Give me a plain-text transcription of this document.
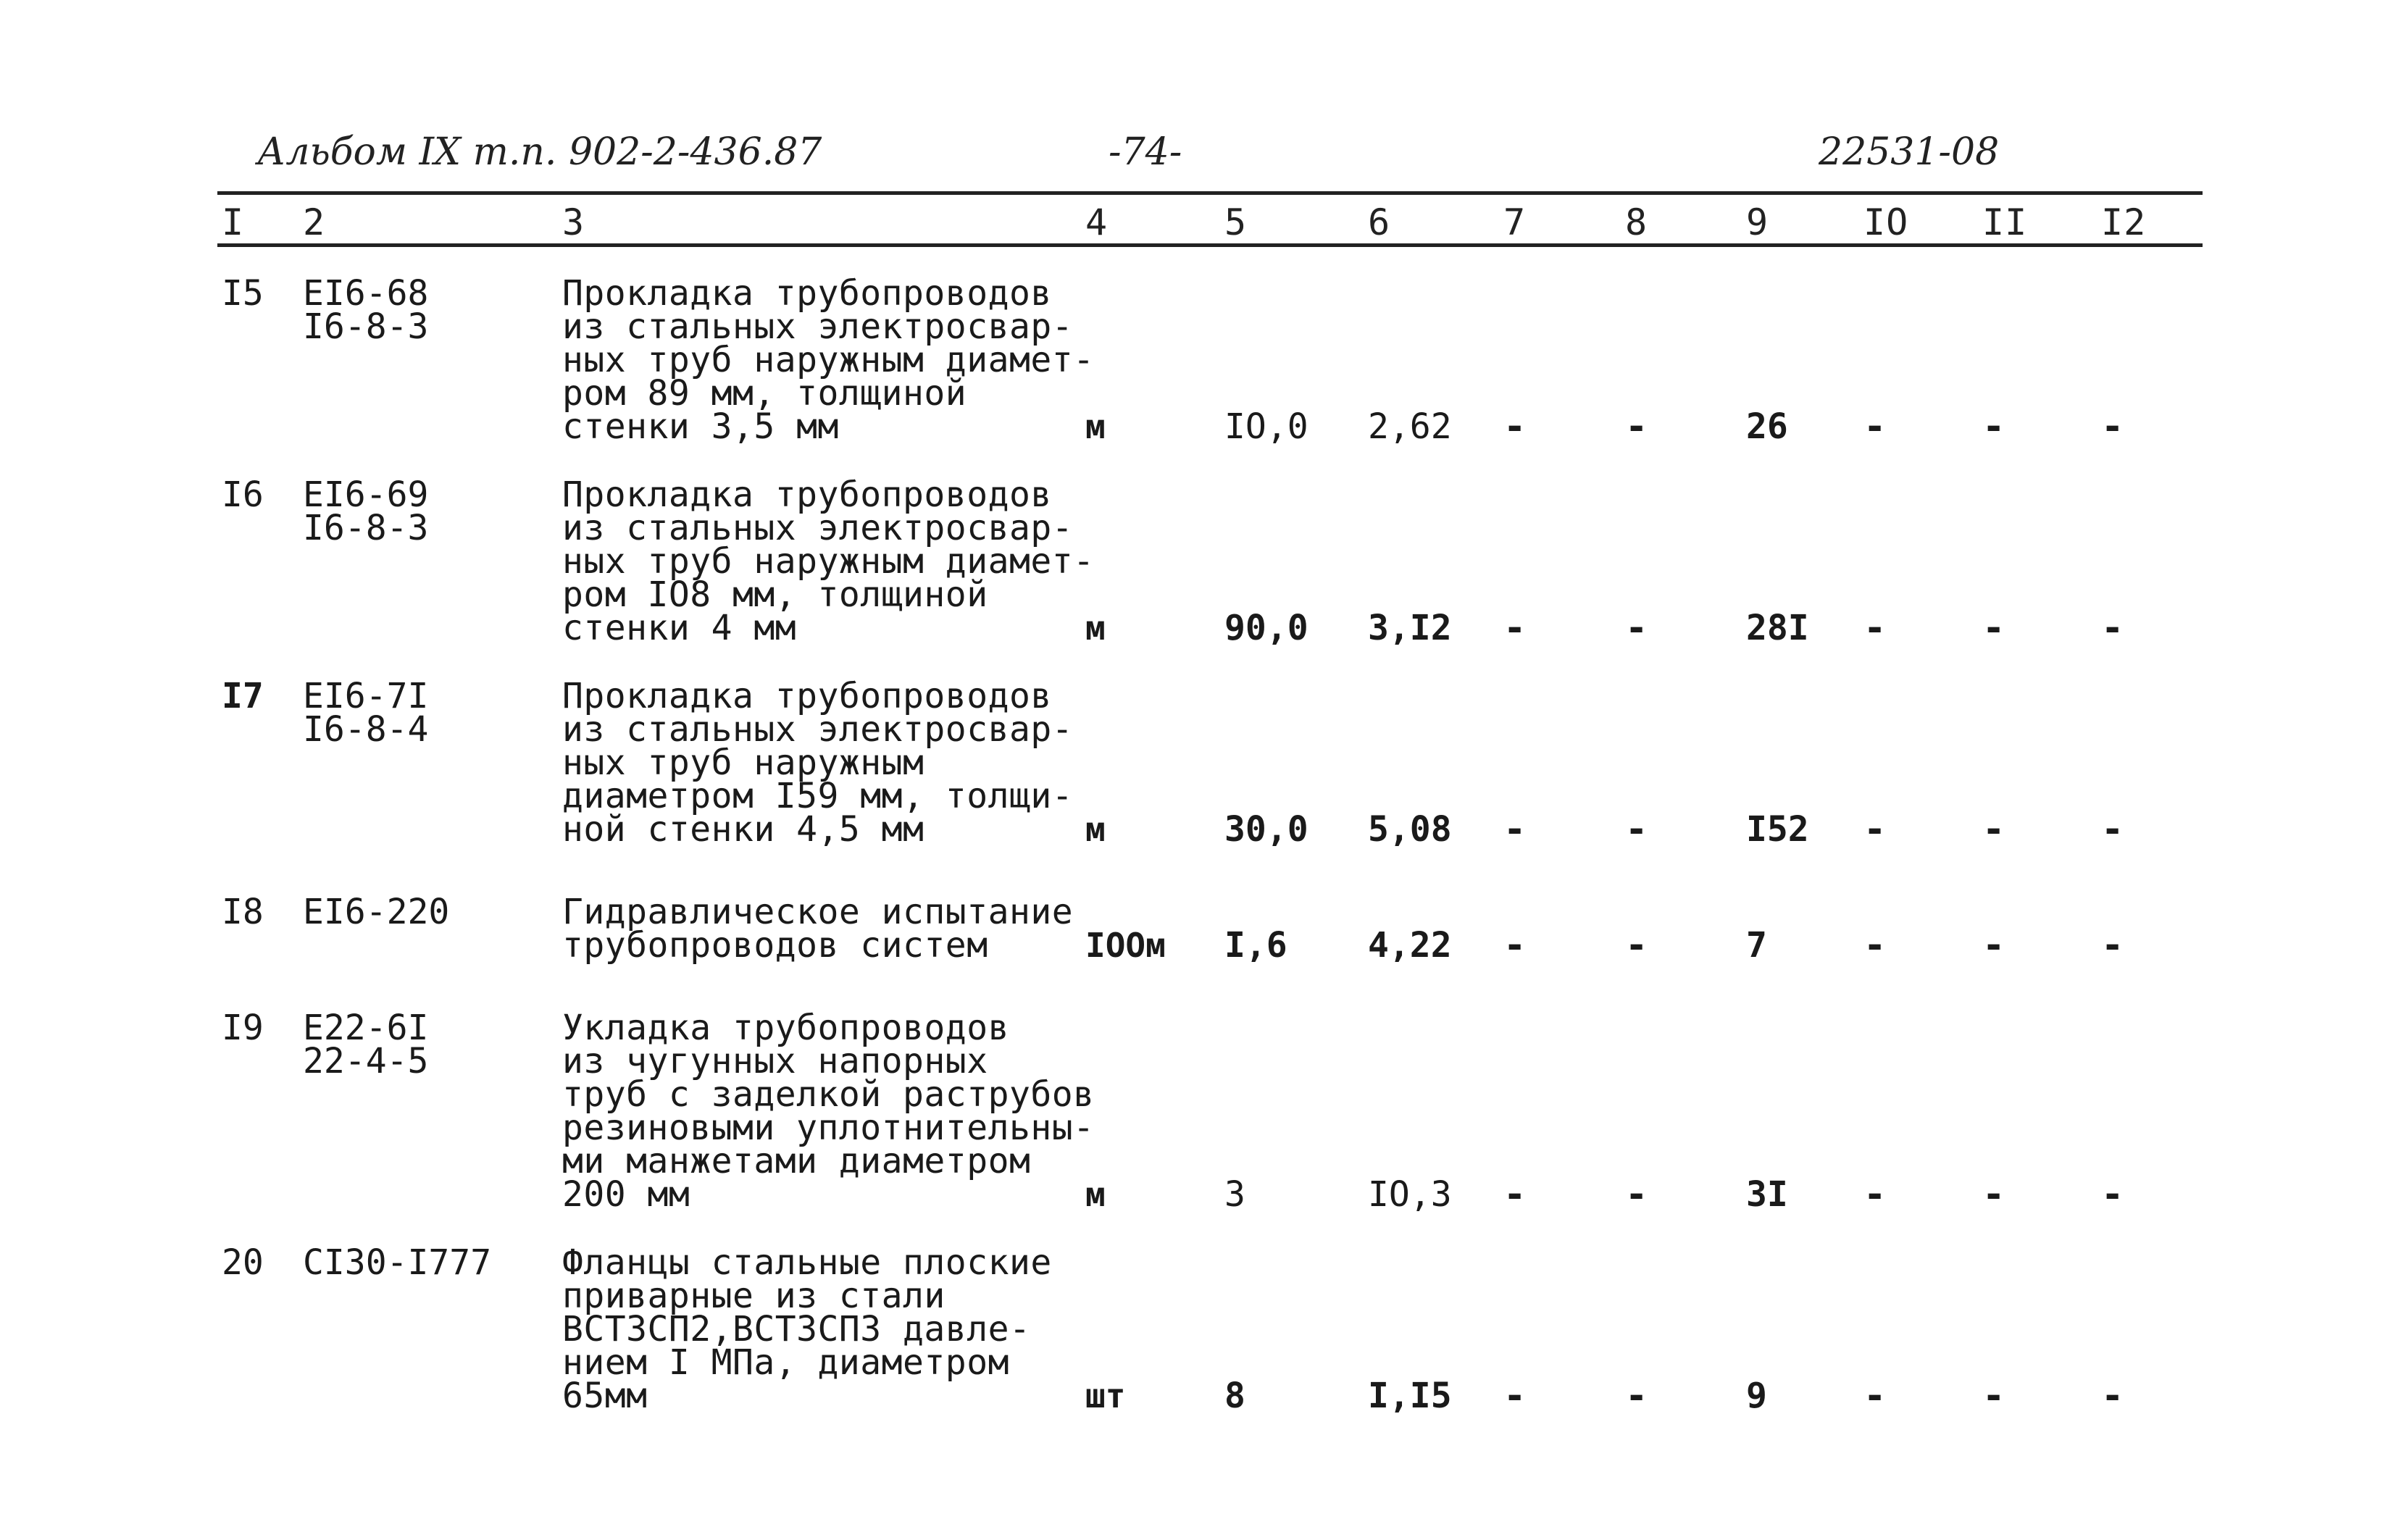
Альбом IX т.п. 902-2-436.87	-74-	22531-08
I 2	3	4	5	6	7	8	9	IO II I2
I5 EI6-68
I6-8-3
Прокладка трубопроводов
из стальных электросвар-
ных труб наружным диамет-
ром 89 мм, толщиной
стенки 3,5 мм	м	IO,0 2,62 -	-	26 -	-	-
I6 EI6-69
I6-8-3
Прокладка трубопроводов
из стальных электросвар-
ных труб наружным диамет-
ром IO8 мм, толщиной
стенки 4 мм	м	90,0 3,I2 -	-	28I -	-	-
I7 EI6-7I
I6-8-4
Прокладка трубопроводов
из стальных электросвар-
ных труб наружным
диаметром I59 мм, толщи-
ной стенки 4,5 мм	м	30,0 5,08 -	-	I52 -	-	-
I8 EI6-220	Гидравлическое испытание
трубопроводов систем	IOOм I,6 4,22 -	-	7	-	-	-
I9 E22-6I
22-4-5
Укладка трубопроводов
из чугунных напорных
труб с заделкой раструбов
резиновыми уплотнительны-
ми манжетами диаметром
200 мм	м	3	IO,3 -	-	3I -	-	-
20 CI30-I777 Фланцы стальные плоские
приварные из стали
ВСТ3СП2,ВСТ3СП3 давле-
нием I МПа, диаметром
65мм	шт	8	I,I5 -	-	9	-	-	-
